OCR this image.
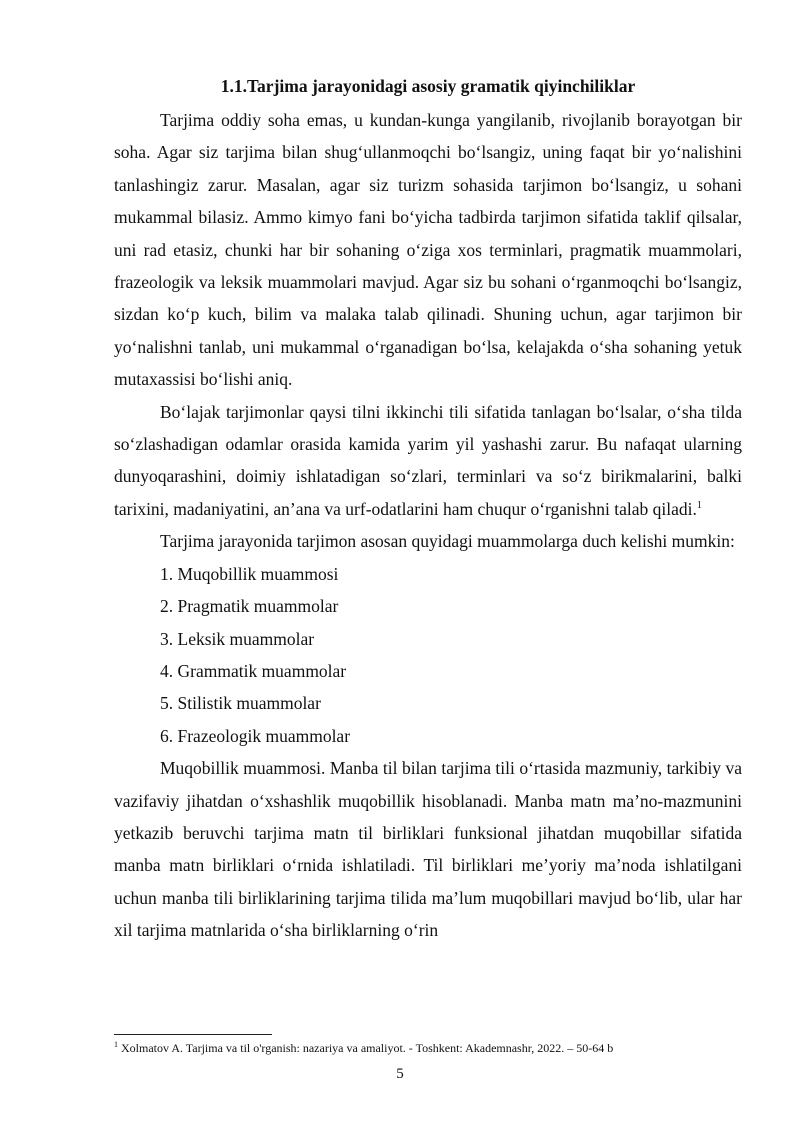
1.1.Tarjima jarayonidagi asosiy gramatik qiyinchiliklar

Tarjima oddiy soha emas, u kundan-kunga yangilanib, rivojlanib borayotgan bir soha. Agar siz tarjima bilan shug‘ullanmoqchi bo‘lsangiz, uning faqat bir yo‘nalishini tanlashingiz zarur. Masalan, agar siz turizm sohasida tarjimon bo‘lsangiz, u sohani mukammal bilasiz. Ammo kimyo fani bo‘yicha tadbirda tarjimon sifatida taklif qilsalar, uni rad etasiz, chunki har bir sohaning o‘ziga xos terminlari, pragmatik muammolari, frazeologik va leksik muammolari mavjud. Agar siz bu sohani o‘rganmoqchi bo‘lsangiz, sizdan ko‘p kuch, bilim va malaka talab qilinadi. Shuning uchun, agar tarjimon bir yo‘nalishni tanlab, uni mukammal o‘rganadigan bo‘lsa, kelajakda o‘sha sohaning yetuk mutaxassisi bo‘lishi aniq.

Bo‘lajak tarjimonlar qaysi tilni ikkinchi tili sifatida tanlagan bo‘lsalar, o‘sha tilda so‘zlashadigan odamlar orasida kamida yarim yil yashashi zarur. Bu nafaqat ularning dunyoqarashini, doimiy ishlatadigan so‘zlari, terminlari va so‘z birikmalarini, balki tarixini, madaniyatini, an’ana va urf-odatlarini ham chuqur o‘rganishni talab qiladi.$^1$

Tarjima jarayonida tarjimon asosan quyidagi muammolarga duch kelishi mumkin:

1. Muqobillik muammosi
2. Pragmatik muammolar
3. Leksik muammolar
4. Grammatik muammolar
5. Stilistik muammolar
6. Frazeologik muammolar

Muqobillik muammosi. Manba til bilan tarjima tili o‘rtasida mazmuniy, tarkibiy va vazifaviy jihatdan o‘xshashlik muqobillik hisoblanadi. Manba matn ma’no-mazmunini yetkazib beruvchi tarjima matn til birliklari funksional jihatdan muqobillar sifatida manba matn birliklari o‘rnida ishlatiladi. Til birliklari me’yoriy ma’noda ishlatilgani uchun manba tili birliklarining tarjima tilida ma’lum muqobillari mavjud bo‘lib, ular har xil tarjima matnlarida o‘sha birliklarning o‘rin

$^1$ Xolmatov A. Tarjima va til o'rganish: nazariya va amaliyot. - Toshkent: Akademnashr, 2022. – 50-64 b
5
